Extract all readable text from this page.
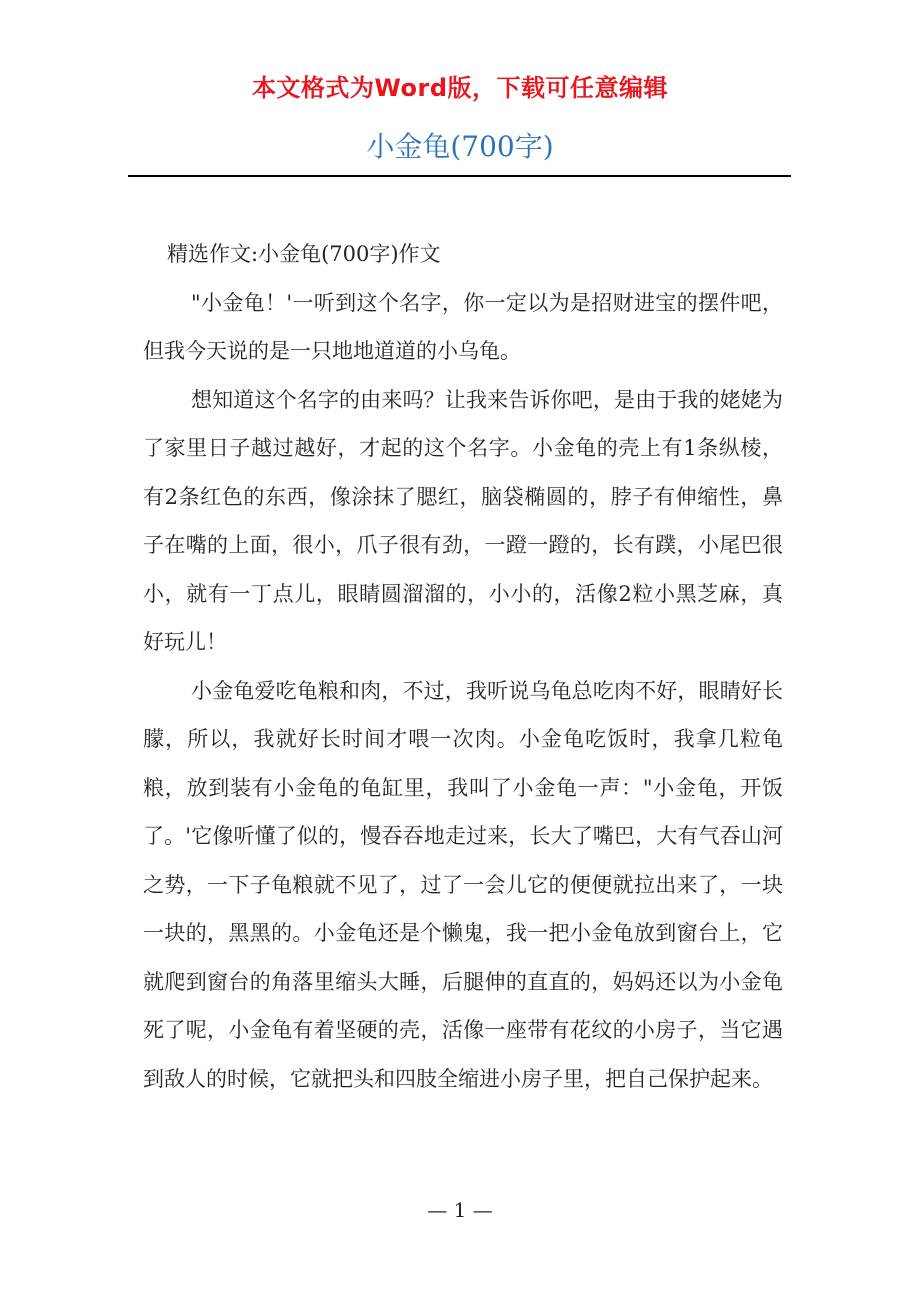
本文格式为Word版，下载可任意编辑
小金龟(700字)

精选作文:小金龟(700字)作文

"小金龟！'一听到这个名字，你一定以为是招财进宝的摆件吧，但我今天说的是一只地地道道的小乌龟。

想知道这个名字的由来吗？让我来告诉你吧，是由于我的姥姥为了家里日子越过越好，才起的这个名字。小金龟的壳上有1条纵棱，有2条红色的东西，像涂抹了腮红，脑袋椭圆的，脖子有伸缩性，鼻子在嘴的上面，很小，爪子很有劲，一蹬一蹬的，长有蹼，小尾巴很小，就有一丁点儿，眼睛圆溜溜的，小小的，活像2粒小黑芝麻，真好玩儿！

小金龟爱吃龟粮和肉，不过，我听说乌龟总吃肉不好，眼睛好长朦，所以，我就好长时间才喂一次肉。小金龟吃饭时，我拿几粒龟粮，放到装有小金龟的龟缸里，我叫了小金龟一声："小金龟，开饭了。'它像听懂了似的，慢吞吞地走过来，长大了嘴巴，大有气吞山河之势，一下子龟粮就不见了，过了一会儿它的便便就拉出来了，一块一块的，黑黑的。小金龟还是个懒鬼，我一把小金龟放到窗台上，它就爬到窗台的角落里缩头大睡，后腿伸的直直的，妈妈还以为小金龟死了呢，小金龟有着坚硬的壳，活像一座带有花纹的小房子，当它遇到敌人的时候，它就把头和四肢全缩进小房子里，把自己保护起来。

— 1 —
